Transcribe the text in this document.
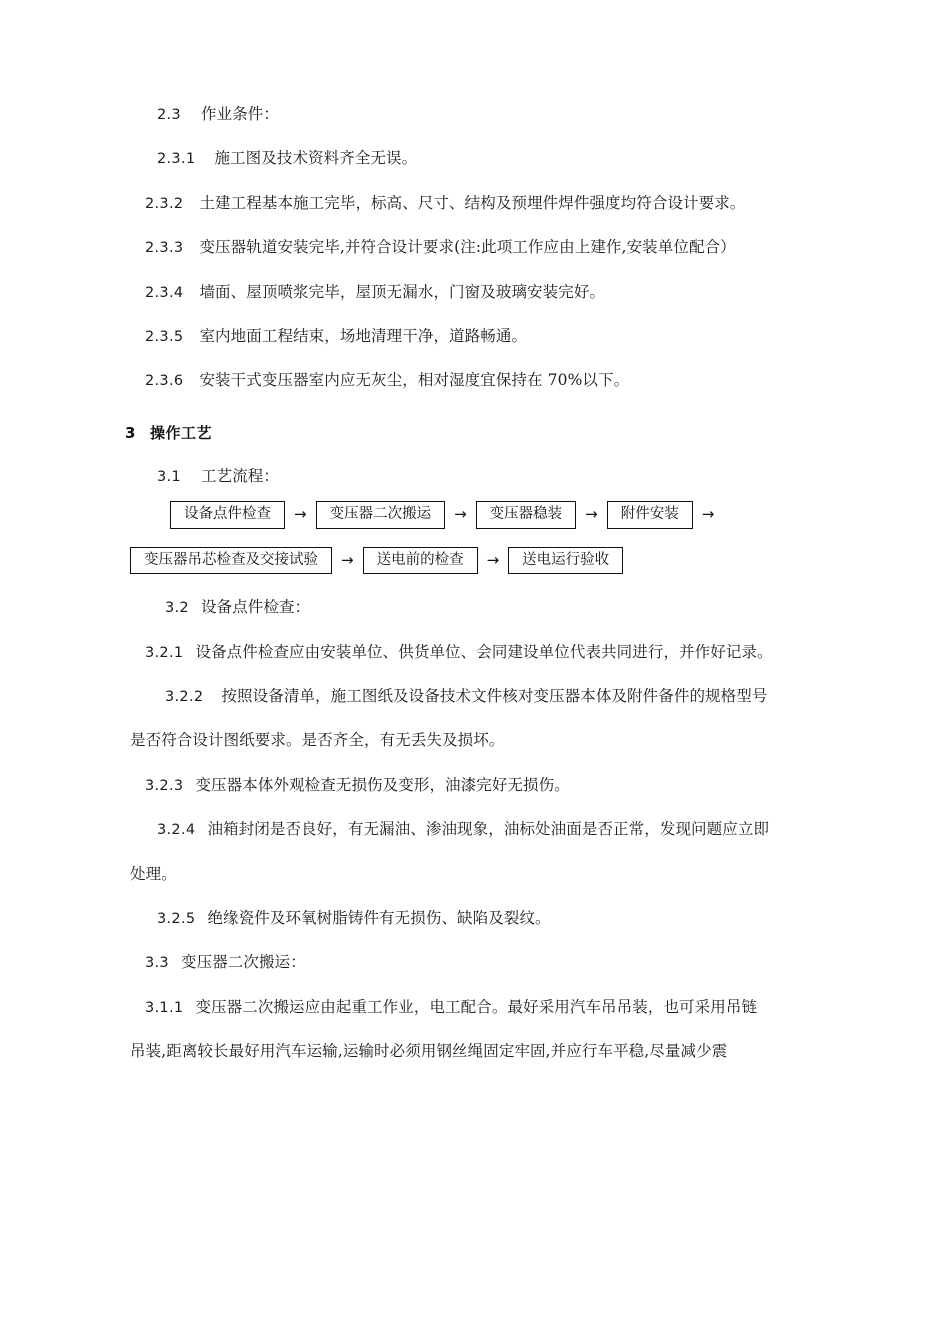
2.3 作业条件：

2.3.1 施工图及技术资料齐全无误。

2.3.2 土建工程基本施工完毕，标高、尺寸、结构及预埋件焊件强度均符合设计要求。

2.3.3 变压器轨道安装完毕,并符合设计要求(注:此项工作应由上建作,安装单位配合）

2.3.4 墙面、屋顶喷浆完毕，屋顶无漏水，门窗及玻璃安装完好。

2.3.5 室内地面工程结束，场地清理干净，道路畅通。

2.3.6 安装干式变压器室内应无灰尘，相对湿度宜保持在 70%以下。

3 操作工艺

3.1 工艺流程：

设备点件检查	→	变压器二次搬运	→	变压器稳装	→	附件安装	→
变压器吊芯检查及交接试验	→	送电前的检查	→	送电运行验收

3.2 设备点件检查：

3.2.1 设备点件检查应由安装单位、供货单位、会同建设单位代表共同进行，并作好记录。

3.2.2 按照设备清单，施工图纸及设备技术文件核对变压器本体及附件备件的规格型号

是否符合设计图纸要求。是否齐全，有无丢失及损坏。

3.2.3 变压器本体外观检查无损伤及变形，油漆完好无损伤。

3.2.4 油箱封闭是否良好，有无漏油、渗油现象，油标处油面是否正常，发现问题应立即

处理。

3.2.5 绝缘瓷件及环氧树脂铸件有无损伤、缺陷及裂纹。

3.3 变压器二次搬运：

3.1.1 变压器二次搬运应由起重工作业，电工配合。最好采用汽车吊吊装，也可采用吊链

吊装,距离较长最好用汽车运输,运输时必须用钢丝绳固定牢固,并应行车平稳,尽量减少震
